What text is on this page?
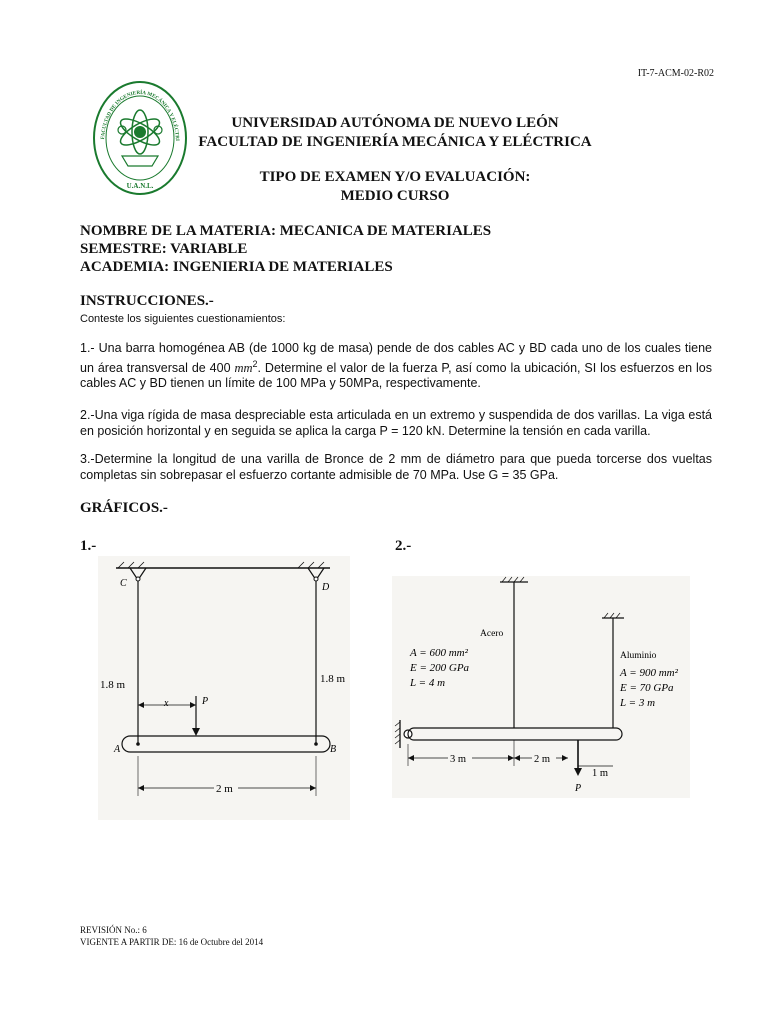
IT-7-ACM-02-R02
FACULTAD DE INGENIERÍA MECÁNICA Y ELÉCTRI
U.A.N.L.
UNIVERSIDAD AUTÓNOMA DE NUEVO LEÓN
FACULTAD DE INGENIERÍA MECÁNICA Y ELÉCTRICA
TIPO DE EXAMEN Y/O EVALUACIÓN:
MEDIO CURSO
NOMBRE DE LA MATERIA: MECANICA DE MATERIALES
SEMESTRE: VARIABLE
ACADEMIA: INGENIERIA DE MATERIALES
INSTRUCCIONES.-
Conteste los siguientes cuestionamientos:
1.- Una barra homogénea AB (de 1000 kg de masa) pende de dos cables AC y BD cada uno de los cuales tiene un área transversal de 400 $mm^2$. Determine el valor de la fuerza P, así como la ubicación, SI los esfuerzos en los cables AC y BD tienen un límite de 100 MPa y 50MPa, respectivamente.
2.-Una viga rígida de masa despreciable esta articulada en un extremo y suspendida de dos varillas. La viga está en posición horizontal y en seguida se aplica la carga P = 120 kN. Determine la tensión en cada varilla.
3.-Determine la longitud de una varilla de Bronce de 2 mm de diámetro para que pueda torcerse dos vueltas completas sin sobrepasar el esfuerzo cortante admisible de 70 MPa. Use G = 35 GPa.
GRÁFICOS.-
1.-	2.-
C	D
1.8 m	1.8 m
A	B
x	P
2 m
Acero
A = 600 mm²
E = 200 GPa
L = 4 m
Aluminio
A = 900 mm²
E = 70 GPa
L = 3 m
P
3 m	2 m
1 m
REVISIÓN No.: 6
VIGENTE A PARTIR DE: 16 de Octubre del 2014
